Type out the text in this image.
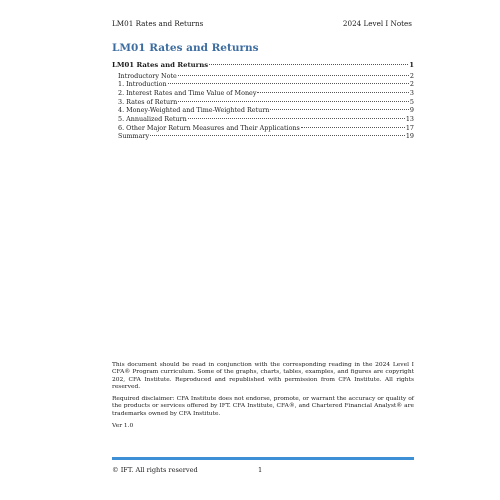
LM01 Rates and Returns	2024 Level I Notes
LM01 Rates and Returns
LM01 Rates and Returns	1
Introductory Note	2
1. Introduction	2
2. Interest Rates and Time Value of Money	3
3. Rates of Return	5
4. Money-Weighted and Time-Weighted Return	9
5. Annualized Return	13
6. Other Major Return Measures and Their Applications	17
Summary	19

This document should be read in conjunction with the corresponding reading in the 2024 Level I CFA® Program curriculum. Some of the graphs, charts, tables, examples, and figures are copyright 202, CFA Institute. Reproduced and republished with permission from CFA Institute. All rights reserved.

Required disclaimer: CFA Institute does not endorse, promote, or warrant the accuracy or quality of the products or services offered by IFT. CFA Institute, CFA®, and Chartered Financial Analyst® are trademarks owned by CFA Institute.

Ver 1.0

© IFT. All rights reserved	1
